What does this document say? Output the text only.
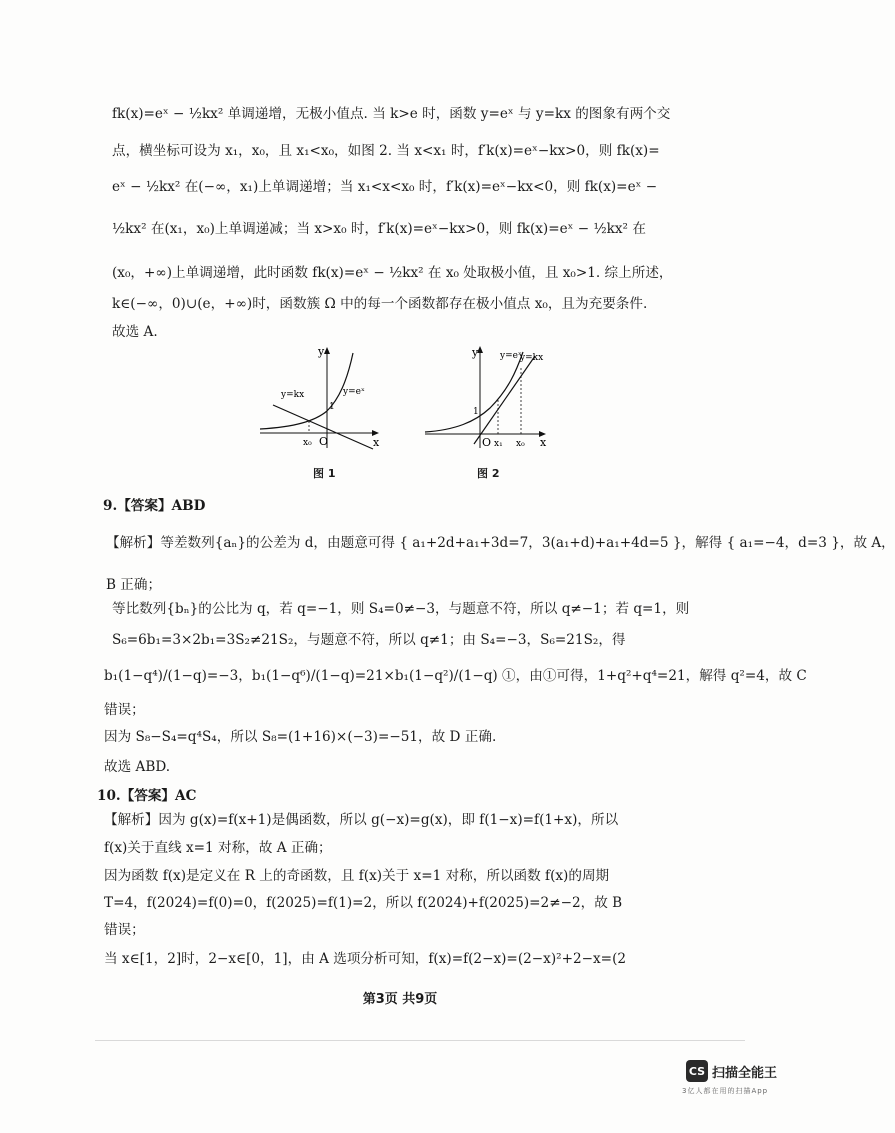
fk(x)=eˣ − ½kx² 单调递增，无极小值点. 当 k>e 时，函数 y=eˣ 与 y=kx 的图象有两个交
点，横坐标可设为 x₁，x₀，且 x₁<x₀，如图 2. 当 x<x₁ 时，f′k(x)=eˣ−kx>0，则 fk(x)=
eˣ − ½kx² 在(−∞，x₁)上单调递增；当 x₁<x<x₀ 时，f′k(x)=eˣ−kx<0，则 fk(x)=eˣ −
½kx² 在(x₁，x₀)上单调递减；当 x>x₀ 时，f′k(x)=eˣ−kx>0，则 fk(x)=eˣ − ½kx² 在
(x₀，+∞)上单调递增，此时函数 fk(x)=eˣ − ½kx² 在 x₀ 处取极小值，且 x₀>1. 综上所述，
k∈(−∞，0)∪(e，+∞)时，函数簇 Ω 中的每一个函数都存在极小值点 x₀，且为充要条件.
故选 A.
y
x
O
1
x₀
y=kx	y=eˣ
图 1
y
x
O
1
x₁ x₀
y=kx
y=eˣ
图 2
9.【答案】ABD
【解析】等差数列{aₙ}的公差为 d，由题意可得 { a₁+2d+a₁+3d=7，3(a₁+d)+a₁+4d=5 }，解得 { a₁=−4，d=3 }，故 A，
B 正确；
等比数列{bₙ}的公比为 q，若 q=−1，则 S₄=0≠−3，与题意不符，所以 q≠−1；若 q=1，则
S₆=6b₁=3×2b₁=3S₂≠21S₂，与题意不符，所以 q≠1；由 S₄=−3，S₆=21S₂，得
b₁(1−q⁴)/(1−q)=−3，b₁(1−q⁶)/(1−q)=21×b₁(1−q²)/(1−q) ①，由①可得，1+q²+q⁴=21，解得 q²=4，故 C
错误；
因为 S₈−S₄=q⁴S₄，所以 S₈=(1+16)×(−3)=−51，故 D 正确.
故选 ABD.
10.【答案】AC
【解析】因为 g(x)=f(x+1)是偶函数，所以 g(−x)=g(x)，即 f(1−x)=f(1+x)，所以
f(x)关于直线 x=1 对称，故 A 正确；
因为函数 f(x)是定义在 R 上的奇函数，且 f(x)关于 x=1 对称，所以函数 f(x)的周期
T=4，f(2024)=f(0)=0，f(2025)=f(1)=2，所以 f(2024)+f(2025)=2≠−2，故 B
错误；
当 x∈[1，2]时，2−x∈[0，1]，由 A 选项分析可知，f(x)=f(2−x)=(2−x)²+2−x=(2
第3页 共9页
CS 扫描全能王
3亿人都在用的扫描App
